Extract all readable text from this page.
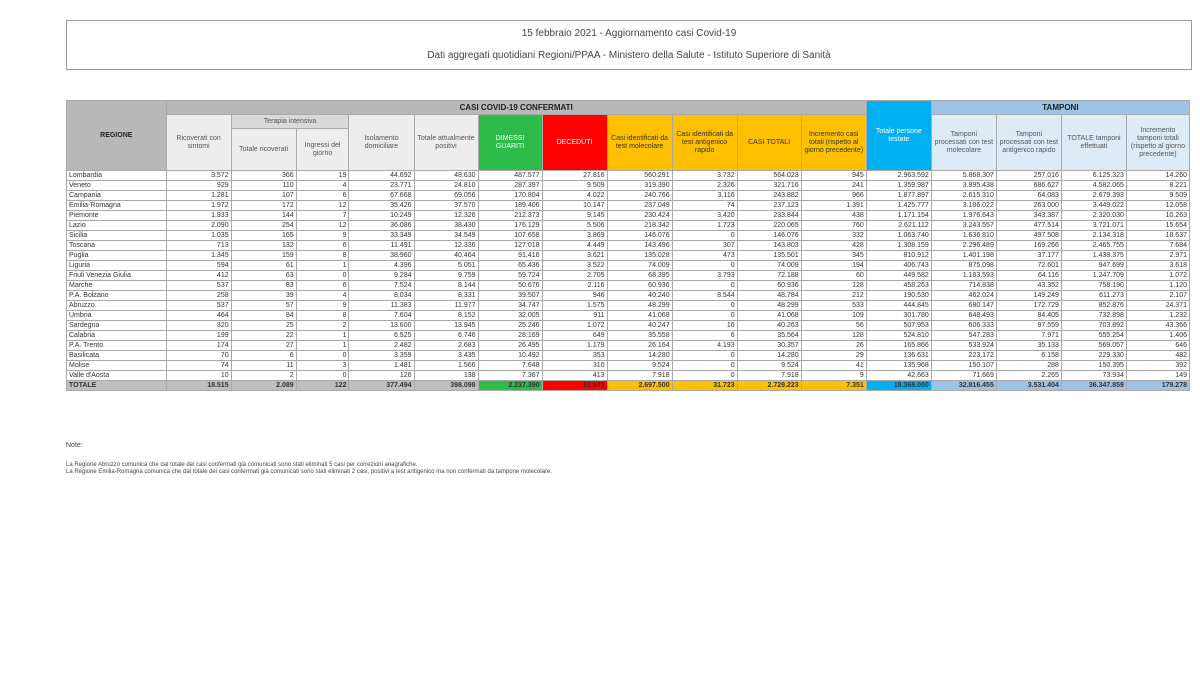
15 febbraio 2021 - Aggiornamento casi Covid-19
Dati aggregati quotidiani Regioni/PPAA - Ministero della Salute - Istituto Superiore di Sanità
REGIONE	CASI COVID-19 CONFERMATI											Totale persone testate	TAMPONI			
	Ricoverati con sintomi	Terapia intensiva		Isolamento domiciliare	Totale attualmente positivi	DIMESSI GUARITI	DECEDUTI	Casi identificati da test molecolare	Casi identificati da test antigenico rapido	CASI TOTALI	Incremento casi totali (rispetto al giorno precedente)		Tamponi processati con test molecolare	Tamponi processati con test antigenico rapido	TOTALE tamponi effettuati	Incremento tamponi totali (rispetto al giorno precedente)
		Totale ricoverati	Ingressi del giorno													
Lombardia	3.572	366	19	44.692	48.630	487.577	27.816	560.291	3.732	564.023	945	2.963.592	5.868.307	257.016	6.125.323	14.260
Veneto	929	110	4	23.771	24.810	287.397	9.509	319.390	2.326	321.716	241	1.359.987	3.895.438	686.627	4.582.065	8.221
Campania	1.281	107	6	67.668	69.056	170.804	4.022	240.766	3.116	243.882	966	1.877.897	2.615.310	64.083	2.679.393	9.509
Emilia-Romagna	1.972	172	12	35.426	37.570	189.406	10.147	237.049	74	237.123	1.391	1.425.777	3.186.022	263.000	3.449.022	12.058
Piemonte	1.933	144	7	10.249	12.326	212.373	9.145	230.424	3.420	233.844	438	1.171.154	1.976.643	343.387	2.320.030	10.263
Lazio	2.090	254	12	36.086	38.430	176.129	5.506	218.342	1.723	220.065	760	2.621.112	3.243.557	477.514	3.721.071	15.654
Sicilia	1.035	165	9	33.349	34.549	107.658	3.869	146.076	0	146.076	332	1.063.740	1.636.810	497.508	2.134.318	18.637
Toscana	713	132	6	11.491	12.336	127.018	4.449	143.496	307	143.803	428	1.308.159	2.296.489	169.266	2.465.755	7.684
Puglia	1.345	159	8	38.960	40.464	91.416	3.621	135.028	473	135.501	345	810.912	1.401.198	37.177	1.438.375	2.971
Liguria	594	61	1	4.396	5.051	65.436	3.522	74.009	0	74.009	194	406.743	875.098	72.601	947.699	3.618
Friuli Venezia Giulia	412	63	0	9.284	9.759	59.724	2.705	68.395	3.793	72.188	60	449.582	1.183.593	64.116	1.247.709	1.072
Marche	537	83	6	7.524	8.144	50.676	2.116	60.936	0	60.936	128	458.263	714.838	43.352	758.190	1.120
P.A. Bolzano	258	39	4	8.034	8.331	39.507	946	40.240	8.544	48.784	212	190.530	462.024	149.249	611.273	2.107
Abruzzo	537	57	9	11.383	11.977	34.747	1.575	48.299	0	48.299	533	444.845	680.147	172.729	852.876	24.371
Umbria	464	84	8	7.604	8.152	32.005	911	41.068	0	41.068	109	301.780	648.493	84.405	732.898	1.232
Sardegna	320	25	2	13.600	13.945	25.246	1.072	40.247	16	40.263	56	507.953	606.333	97.559	703.892	43.366
Calabria	199	22	1	6.525	6.746	28.169	649	35.558	6	35.564	128	524.810	547.283	7.971	555.254	1.406
P.A. Trento	174	27	1	2.482	2.683	26.495	1.179	26.164	4.193	30.357	26	165.866	533.924	35.133	569.057	646
Basilicata	70	6	0	3.359	3.435	10.492	353	14.280	0	14.280	29	136.631	223.172	6.158	229.330	482
Molise	74	11	3	1.481	1.566	7.648	310	9.524	0	9.524	41	135.968	150.107	288	150.395	392
Valle d'Aosta	10	2	0	126	138	7.367	413	7.918	0	7.918	9	42.663	71.669	2.265	73.934	149
TOTALE	18.515	2.089	122	377.494	398.098	2.237.390	93.845	2.697.500	31.723	2.729.223	7.351	18.368.000	32.816.455	3.531.404	36.347.859	179.278
Note:
La Regione Abruzzo comunica che dal totale dei casi confermati già comunicati sono stati eliminati 5 casi per correzioni anagrafiche.
La Regione Emilia-Romagna comunica che dal totale dei casi confermati già comunicati sono stati eliminati 2 casi, positivi a test antigenico ma non confermati da tampone molecolare.
